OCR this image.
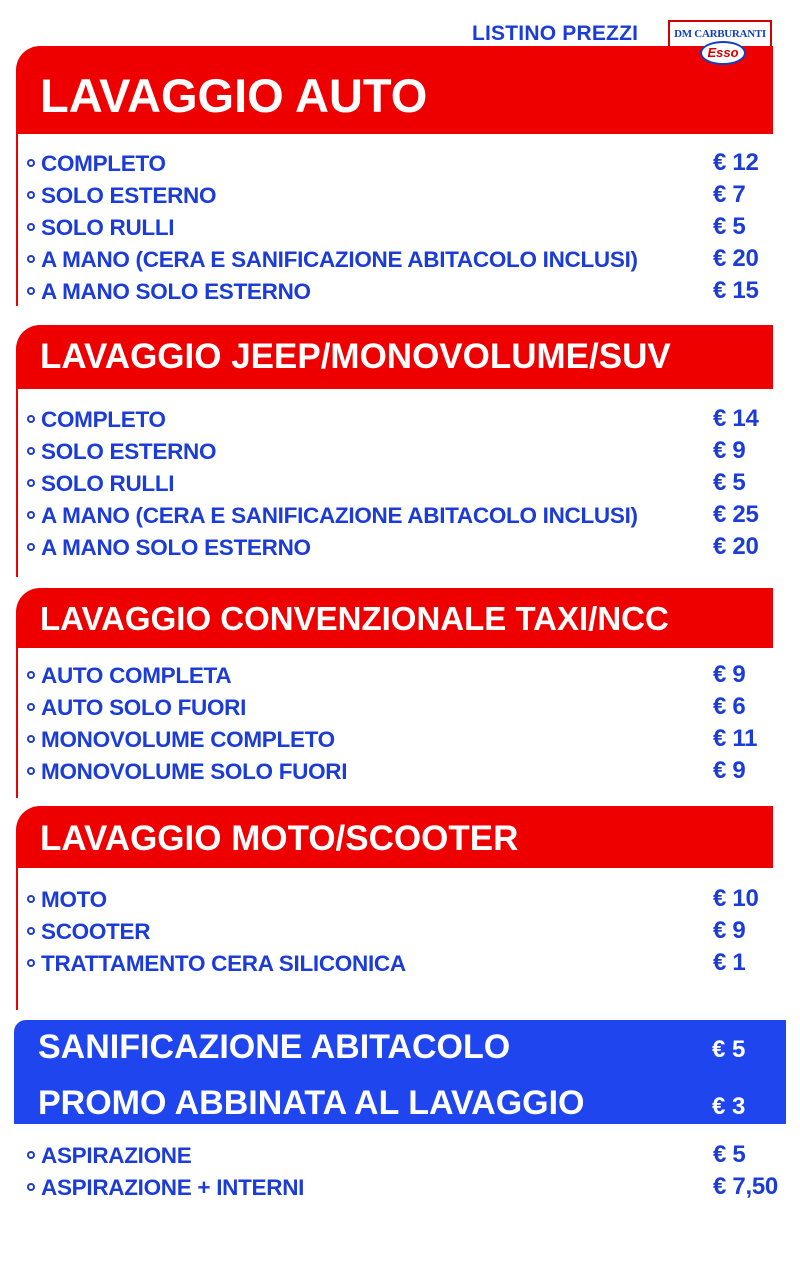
LISTINO PREZZI	DM CARBURANTI
Esso
LAVAGGIO AUTO
COMPLETO	€ 12
SOLO ESTERNO	€ 7
SOLO RULLI	€ 5
A MANO (CERA E SANIFICAZIONE ABITACOLO INCLUSI)	€ 20
A MANO SOLO ESTERNO	€ 15
LAVAGGIO JEEP/MONOVOLUME/SUV
COMPLETO	€ 14
SOLO ESTERNO	€ 9
SOLO RULLI	€ 5
A MANO (CERA E SANIFICAZIONE ABITACOLO INCLUSI)	€ 25
A MANO SOLO ESTERNO	€ 20
LAVAGGIO CONVENZIONALE TAXI/NCC
AUTO COMPLETA	€ 9
AUTO SOLO FUORI	€ 6
MONOVOLUME COMPLETO	€ 11
MONOVOLUME SOLO FUORI	€ 9
LAVAGGIO MOTO/SCOOTER
MOTO	€ 10
SCOOTER	€ 9
TRATTAMENTO CERA SILICONICA	€ 1
SANIFICAZIONE ABITACOLO	€ 5
PROMO ABBINATA AL LAVAGGIO	€ 3
ASPIRAZIONE	€ 5
ASPIRAZIONE + INTERNI	€ 7,50
